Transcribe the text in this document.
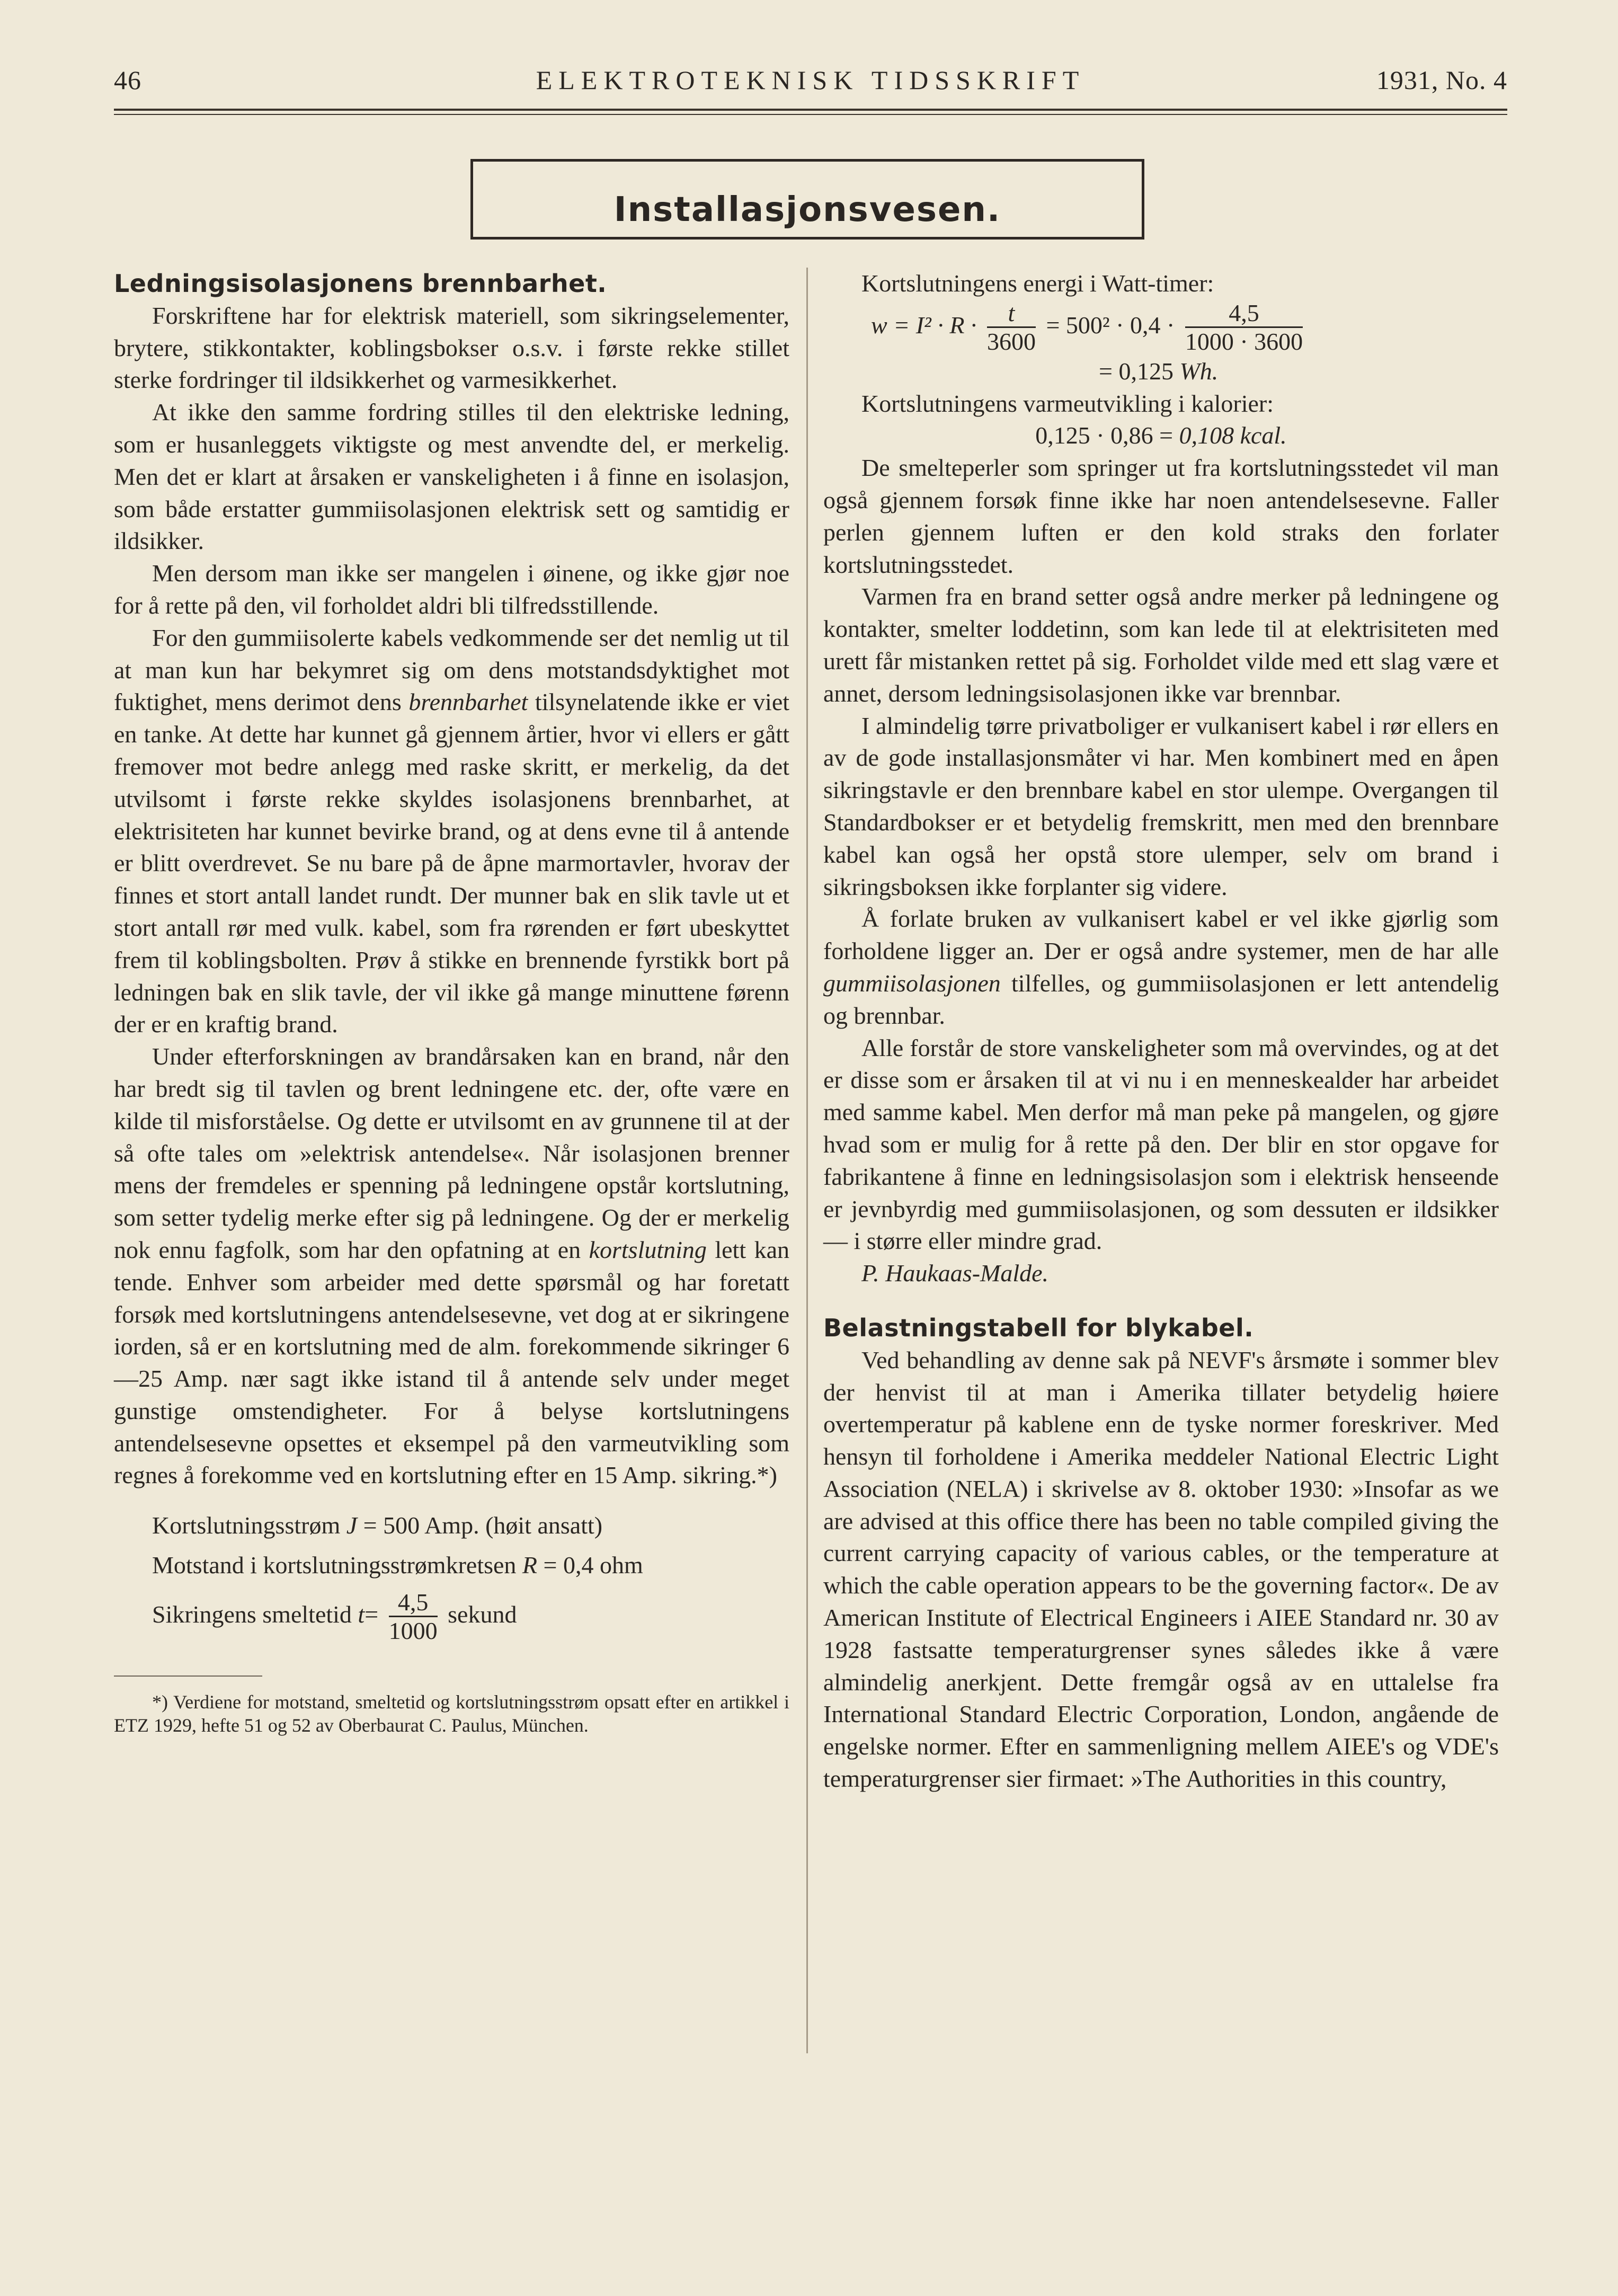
46	ELEKTROTEKNISK TIDSSKRIFT	1931, No. 4
Installasjonsvesen.
Ledningsisolasjonens brennbarhet.

Forskriftene har for elektrisk materiell, som sikringselementer, brytere, stikkontakter, koblingsbokser o.s.v. i første rekke stillet sterke fordringer til ildsikkerhet og varmesikkerhet.

At ikke den samme fordring stilles til den elektriske ledning, som er husanleggets viktigste og mest anvendte del, er merkelig. Men det er klart at årsaken er vanskeligheten i å finne en isolasjon, som både erstatter gummiisolasjonen elektrisk sett og samtidig er ildsikker.

Men dersom man ikke ser mangelen i øinene, og ikke gjør noe for å rette på den, vil forholdet aldri bli tilfredsstillende.

For den gummiisolerte kabels vedkommende ser det nemlig ut til at man kun har bekymret sig om dens motstandsdyktighet mot fuktighet, mens derimot dens brennbarhet tilsynelatende ikke er viet en tanke. At dette har kunnet gå gjennem årtier, hvor vi ellers er gått fremover mot bedre anlegg med raske skritt, er merkelig, da det utvilsomt i første rekke skyldes isolasjonens brennbarhet, at elektrisiteten har kunnet bevirke brand, og at dens evne til å antende er blitt overdrevet. Se nu bare på de åpne marmortavler, hvorav der finnes et stort antall landet rundt. Der munner bak en slik tavle ut et stort antall rør med vulk. kabel, som fra rørenden er ført ubeskyttet frem til koblingsbolten. Prøv å stikke en brennende fyrstikk bort på ledningen bak en slik tavle, der vil ikke gå mange minuttene førenn der er en kraftig brand.

Under efterforskningen av brandårsaken kan en brand, når den har bredt sig til tavlen og brent ledningene etc. der, ofte være en kilde til misforståelse. Og dette er utvilsomt en av grunnene til at der så ofte tales om »elektrisk antendelse«. Når isolasjonen brenner mens der fremdeles er spenning på ledningene opstår kortslutning, som setter tydelig merke efter sig på ledningene. Og der er merkelig nok ennu fagfolk, som har den opfatning at en kortslutning lett kan tende. Enhver som arbeider med dette spørsmål og har foretatt forsøk med kortslutningens antendelsesevne, vet dog at er sikringene iorden, så er en kortslutning med de alm. forekommende sikringer 6—25 Amp. nær sagt ikke istand til å antende selv under meget gunstige omstendigheter. For å belyse kortslutningens antendelsesevne opsettes et eksempel på den varmeutvikling som regnes å forekomme ved en kortslutning efter en 15 Amp. sikring.*)

Kortslutningsstrøm J = 500 Amp. (høit ansatt)
Motstand i kortslutningsstrømkretsen R = 0,4 ohm
Sikringens smeltetid $t= \frac{4,5}{1000}$ sekund

*) Verdiene for motstand, smeltetid og kortslutningsstrøm opsatt efter en artikkel i ETZ 1929, hefte 51 og 52 av Oberbaurat C. Paulus, München.

Kortslutningens energi i Watt-timer:
$w = I^2 \cdot R \cdot \frac{t}{3600} = 500^2 \cdot 0,4 \cdot \frac{4,5}{1000 \cdot 3600}$
= 0,125 Wh.
Kortslutningens varmeutvikling i kalorier:
0,125 · 0,86 = 0,108 kcal.

De smelteperler som springer ut fra kortslutningsstedet vil man også gjennem forsøk finne ikke har noen antendelsesevne. Faller perlen gjennem luften er den kold straks den forlater kortslutningsstedet.

Varmen fra en brand setter også andre merker på ledningene og kontakter, smelter loddetinn, som kan lede til at elektrisiteten med urett får mistanken rettet på sig. Forholdet vilde med ett slag være et annet, dersom ledningsisolasjonen ikke var brennbar.

I almindelig tørre privatboliger er vulkanisert kabel i rør ellers en av de gode installasjonsmåter vi har. Men kombinert med en åpen sikringstavle er den brennbare kabel en stor ulempe. Overgangen til Standardbokser er et betydelig fremskritt, men med den brennbare kabel kan også her opstå store ulemper, selv om brand i sikringsboksen ikke forplanter sig videre.

Å forlate bruken av vulkanisert kabel er vel ikke gjørlig som forholdene ligger an. Der er også andre systemer, men de har alle gummiisolasjonen tilfelles, og gummiisolasjonen er lett antendelig og brennbar.

Alle forstår de store vanskeligheter som må overvindes, og at det er disse som er årsaken til at vi nu i en menneskealder har arbeidet med samme kabel. Men derfor må man peke på mangelen, og gjøre hvad som er mulig for å rette på den. Der blir en stor opgave for fabrikantene å finne en ledningsisolasjon som i elektrisk henseende er jevnbyrdig med gummiisolasjonen, og som dessuten er ildsikker — i større eller mindre grad.

P. Haukaas-Malde.

Belastningstabell for blykabel.

Ved behandling av denne sak på NEVF's årsmøte i sommer blev der henvist til at man i Amerika tillater betydelig høiere overtemperatur på kablene enn de tyske normer foreskriver. Med hensyn til forholdene i Amerika meddeler National Electric Light Association (NELA) i skrivelse av 8. oktober 1930: »Insofar as we are advised at this office there has been no table compiled giving the current carrying capacity of various cables, or the temperature at which the cable operation appears to be the governing factor«. De av American Institute of Electrical Engineers i AIEE Standard nr. 30 av 1928 fastsatte temperaturgrenser synes således ikke å være almindelig anerkjent. Dette fremgår også av en uttalelse fra International Standard Electric Corporation, London, angående de engelske normer. Efter en sammenligning mellem AIEE's og VDE's temperaturgrenser sier firmaet: »The Authorities in this country,
